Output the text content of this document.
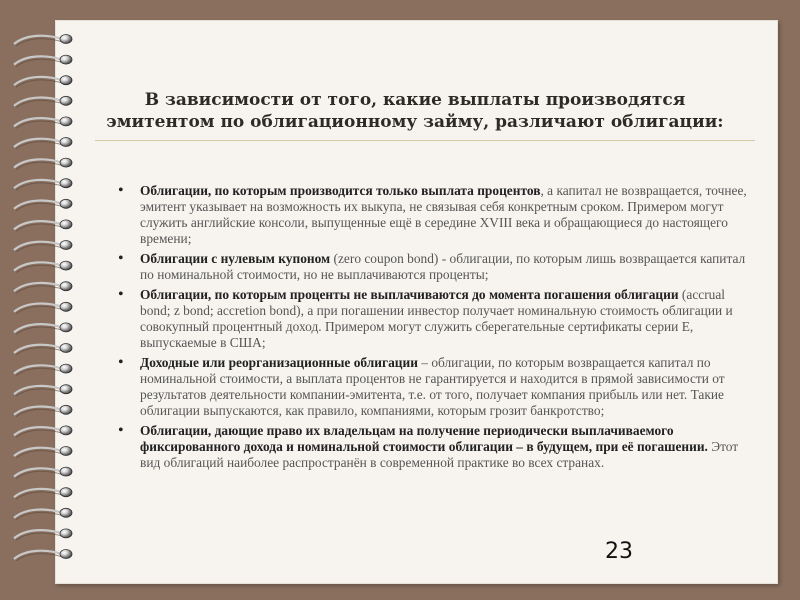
В зависимости от того, какие выплаты производятся эмитентом по облигационному займу, различают облигации:
• Облигации, по которым производится только выплата процентов, а капитал не возвращается, точнее, эмитент указывает на возможность их выкупа, не связывая себя конкретным сроком. Примером могут служить английские консоли, выпущенные ещё в середине XVIII века и обращающиеся до настоящего времени;
• Облигации с нулевым купоном (zero coupon bond) - облигации, по которым лишь возвращается капитал по номинальной стоимости, но не выплачиваются проценты;
• Облигации, по которым проценты не выплачиваются до момента погашения облигации (accrual bond; z bond; accretion bond), а при погашении инвестор получает номинальную стоимость облигации и совокупный процентный доход. Примером могут служить сберегательные сертификаты серии Е, выпускаемые в США;
• Доходные или реорганизационные облигации – облигации, по которым возвращается капитал по номинальной стоимости, а выплата процентов не гарантируется и находится в прямой зависимости от результатов деятельности компании-эмитента, т.е. от того, получает компания прибыль или нет. Такие облигации выпускаются, как правило, компаниями, которым грозит банкротство;
• Облигации, дающие право их владельцам на получение периодически выплачиваемого фиксированного дохода и номинальной стоимости облигации – в будущем, при её погашении. Этот вид облигаций наиболее распространён в современной практике во всех странах.
23
